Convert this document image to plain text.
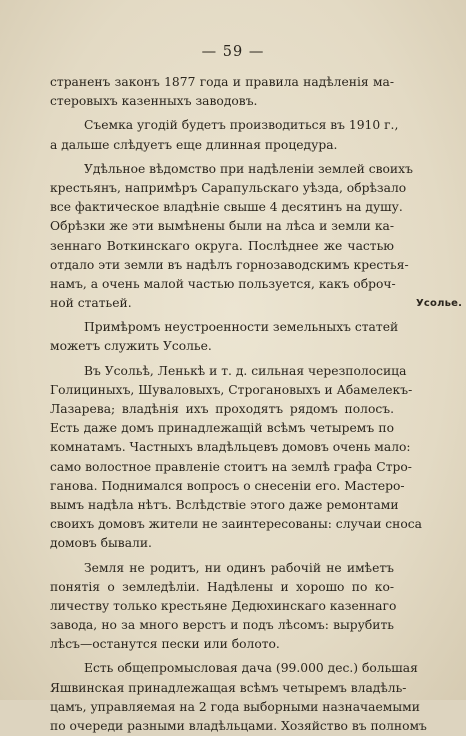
— 59 —
Усолье.
страненъ законъ 1877 года и правила надѣленія ма-
стеровыхъ казенныхъ заводовъ.
Съемка угодій будетъ производиться въ 1910 г.,
а дальше слѣдуетъ еще длинная процедура.
Удѣльное вѣдомство при надѣленіи землей своихъ
крестьянъ, напримѣръ Сарапульскаго уѣзда, обрѣзало
все фактическое владѣніе свыше 4 десятинъ на душу.
Обрѣзки же эти вымѣнены были на лѣса и земли ка-
зеннаго Воткинскаго округа. Послѣднее же частью
отдало эти земли въ надѣлъ горнозаводскимъ крестья-
намъ, а очень малой частью пользуется, какъ оброч-
ной статьей.
Примѣромъ неустроенности земельныхъ статей
можетъ служить Усолье.
Въ Усольѣ, Ленькѣ и т. д. сильная черезполосица
Голициныхъ, Шуваловыхъ, Строгановыхъ и Абамелекъ-
Лазарева; владѣнія ихъ проходятъ рядомъ полосъ.
Есть даже домъ принадлежащій всѣмъ четыремъ по
комнатамъ. Частныхъ владѣльцевъ домовъ очень мало:
само волостное правленіе стоитъ на землѣ графа Стро-
ганова. Поднимался вопросъ о снесеніи его. Мастеро-
вымъ надѣла нѣтъ. Вслѣдствіе этого даже ремонтами
своихъ домовъ жители не заинтересованы: случаи сноса
домовъ бывали.
Земля не родитъ, ни одинъ рабочій не имѣетъ
понятія о земледѣліи. Надѣлены и хорошо по ко-
личеству только крестьяне Дедюхинскаго казеннаго
завода, но за много верстъ и подъ лѣсомъ: вырубить
лѣсъ—останутся пески или болото.
Есть общепромысловая дача (99.000 дес.) большая
Яшвинская принадлежащая всѣмъ четыремъ владѣль-
цамъ, управляемая на 2 года выборными назначаемыми
по очереди разными владѣльцами. Хозяйство въ полномъ
